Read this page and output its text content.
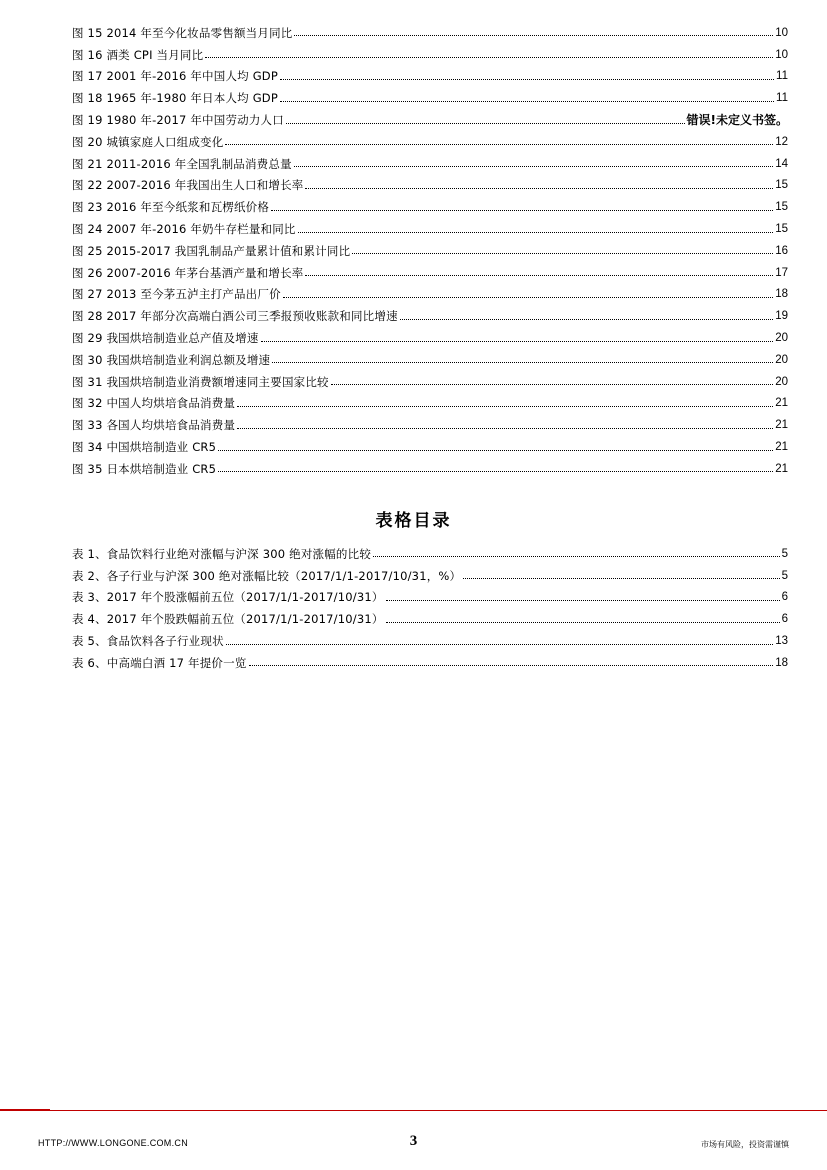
图 15 2014 年至今化妆品零售额当月同比	10
图 16 酒类 CPI 当月同比	10
图 17 2001 年-2016 年中国人均 GDP	11
图 18 1965 年-1980 年日本人均 GDP	11
图 19 1980 年-2017 年中国劳动力人口	错误!未定义书签。
图 20 城镇家庭人口组成变化	12
图 21 2011-2016 年全国乳制品消费总量	14
图 22 2007-2016 年我国出生人口和增长率	15
图 23 2016 年至今纸浆和瓦楞纸价格	15
图 24 2007 年-2016 年奶牛存栏量和同比	15
图 25 2015-2017 我国乳制品产量累计值和累计同比	16
图 26 2007-2016 年茅台基酒产量和增长率	17
图 27 2013 至今茅五泸主打产品出厂价	18
图 28 2017 年部分次高端白酒公司三季报预收账款和同比增速	19
图 29 我国烘培制造业总产值及增速	20
图 30 我国烘培制造业利润总额及增速	20
图 31 我国烘培制造业消费额增速同主要国家比较	20
图 32 中国人均烘培食品消费量	21
图 33 各国人均烘培食品消费量	21
图 34 中国烘培制造业 CR5	21
图 35 日本烘培制造业 CR5	21
表格目录
表 1、食品饮料行业绝对涨幅与沪深 300 绝对涨幅的比较	5
表 2、各子行业与沪深 300 绝对涨幅比较（2017/1/1-2017/10/31，%）	5
表 3、2017 年个股涨幅前五位（2017/1/1-2017/10/31）	6
表 4、2017 年个股跌幅前五位（2017/1/1-2017/10/31）	6
表 5、食品饮料各子行业现状	13
表 6、中高端白酒 17 年提价一览	18
HTTP://WWW.LONGONE.COM.CN	3	市场有风险，投资需谨慎
